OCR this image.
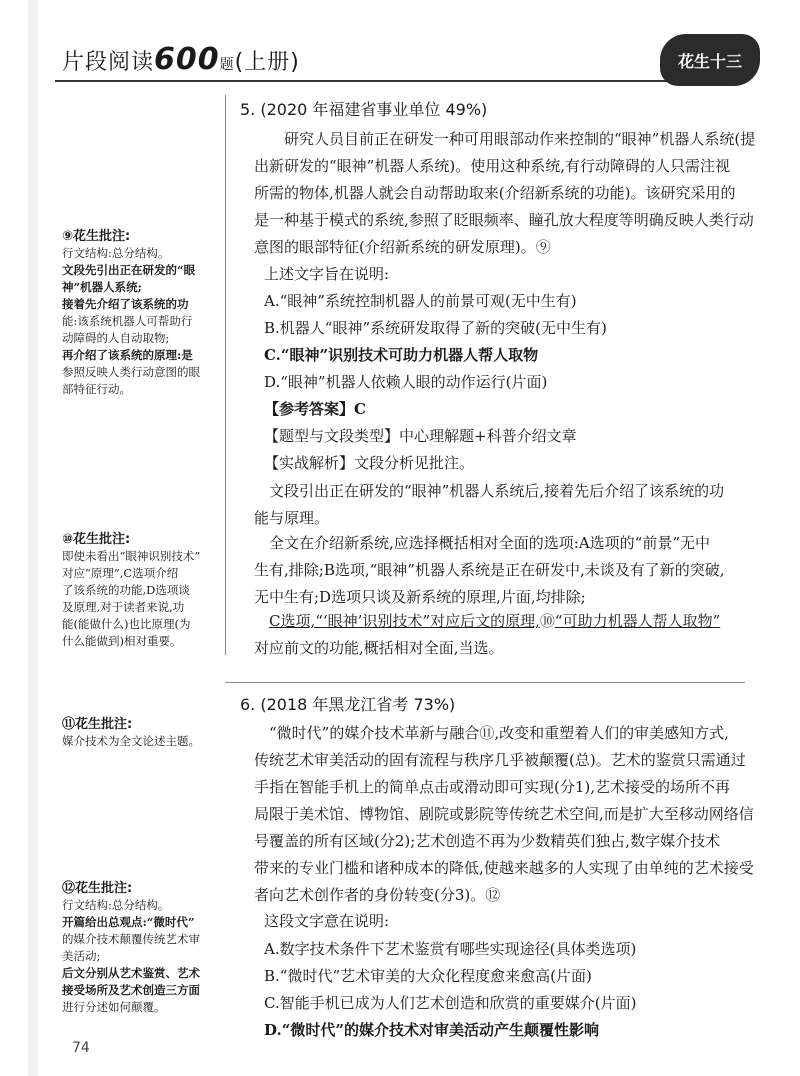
片段阅读600题(上册)	花生十三
⑨花生批注:
行文结构:总分结构。
文段先引出正在研发的“眼
神”机器人系统;
接着先介绍了该系统的功
能:该系统机器人可帮助行
动障碍的人自动取物;
再介绍了该系统的原理:是
参照反映人类行动意图的眼
部特征行动。
⑩花生批注:
即使未看出“眼神识别技术”
对应“原理”,C选项介绍
了该系统的功能,D选项谈
及原理,对于读者来说,功
能(能做什么)也比原理(为
什么能做到)相对重要。
⑪花生批注:
媒介技术为全文论述主题。
⑫花生批注:
行文结构:总分结构。
开篇给出总观点:“微时代”
的媒介技术颠覆传统艺术审
美活动;
后文分别从艺术鉴赏、艺术
接受场所及艺术创造三方面
进行分述如何颠覆。
5. (2020 年福建省事业单位 49%)
研究人员目前正在研发一种可用眼部动作来控制的“眼神”机器人系统(提
出新研发的“眼神”机器人系统)。使用这种系统,有行动障碍的人只需注视
所需的物体,机器人就会自动帮助取来(介绍新系统的功能)。该研究采用的
是一种基于模式的系统,参照了眨眼频率、瞳孔放大程度等明确反映人类行动
意图的眼部特征(介绍新系统的研发原理)。⑨
上述文字旨在说明:
A.“眼神”系统控制机器人的前景可观(无中生有)
B.机器人“眼神”系统研发取得了新的突破(无中生有)
C.“眼神”识别技术可助力机器人帮人取物
D.“眼神”机器人依赖人眼的动作运行(片面)
【参考答案】C
【题型与文段类型】中心理解题+科普介绍文章
【实战解析】文段分析见批注。
文段引出正在研发的“眼神”机器人系统后,接着先后介绍了该系统的功
能与原理。
全文在介绍新系统,应选择概括相对全面的选项:A选项的“前景”无中
生有,排除;B选项,“眼神”机器人系统是正在研发中,未谈及有了新的突破,
无中生有;D选项只谈及新系统的原理,片面,均排除;
C选项,“‘眼神’识别技术”对应后文的原理,⑩“可助力机器人帮人取物”
对应前文的功能,概括相对全面,当选。
6. (2018 年黑龙江省考 73%)
“微时代”的媒介技术革新与融合⑪,改变和重塑着人们的审美感知方式,
传统艺术审美活动的固有流程与秩序几乎被颠覆(总)。艺术的鉴赏只需通过
手指在智能手机上的简单点击或滑动即可实现(分1),艺术接受的场所不再
局限于美术馆、博物馆、剧院或影院等传统艺术空间,而是扩大至移动网络信
号覆盖的所有区域(分2);艺术创造不再为少数精英们独占,数字媒介技术
带来的专业门槛和诸种成本的降低,使越来越多的人实现了由单纯的艺术接受
者向艺术创作者的身份转变(分3)。⑫
这段文字意在说明:
A.数字技术条件下艺术鉴赏有哪些实现途径(具体类选项)
B.“微时代”艺术审美的大众化程度愈来愈高(片面)
C.智能手机已成为人们艺术创造和欣赏的重要媒介(片面)
D.“微时代”的媒介技术对审美活动产生颠覆性影响
74
